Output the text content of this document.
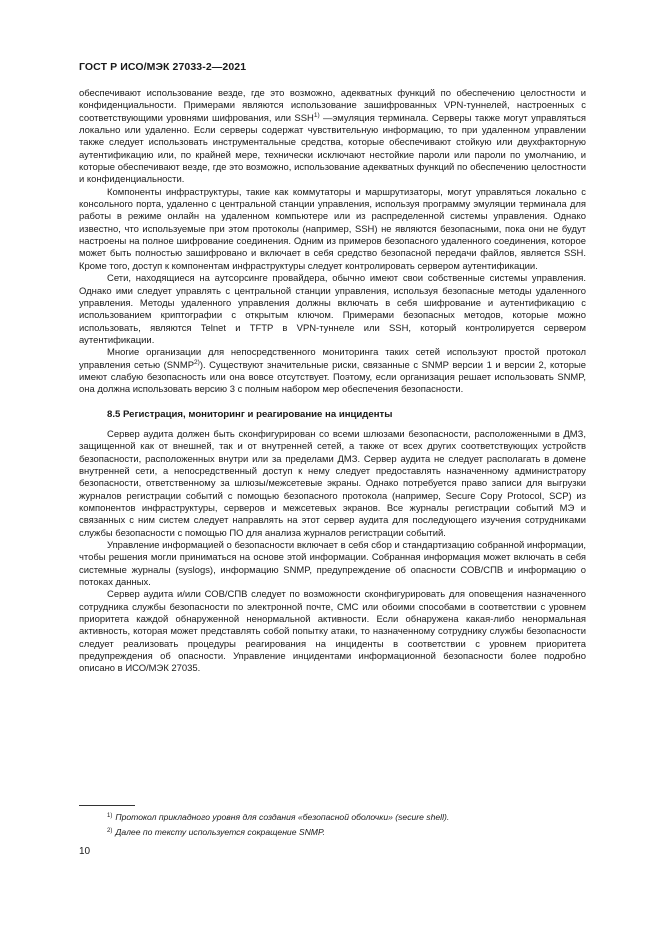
ГОСТ Р ИСО/МЭК 27033-2—2021

обеспечивают использование везде, где это возможно, адекватных функций по обеспечению целостности и конфиденциальности. Примерами являются использование зашифрованных VPN-туннелей, настроенных с соответствующими уровнями шифрования, или SSH$^{1)}$ —эмуляция терминала. Серверы также могут управляться локально или удаленно. Если серверы содержат чувствительную информацию, то при удаленном управлении также следует использовать инструментальные средства, которые обеспечивают стойкую или двухфакторную аутентификацию или, по крайней мере, технически исключают нестойкие пароли или пароли по умолчанию, и которые обеспечивают везде, где это возможно, использование адекватных функций по обеспечению целостности и конфиденциальности.

Компоненты инфраструктуры, такие как коммутаторы и маршрутизаторы, могут управляться локально с консольного порта, удаленно с центральной станции управления, используя программу эмуляции терминала для работы в режиме онлайн на удаленном компьютере или из распределенной системы управления. Однако известно, что используемые при этом протоколы (например, SSH) не являются безопасными, пока они не будут настроены на полное шифрование соединения. Одним из примеров безопасного удаленного соединения, которое может быть полностью зашифровано и включает в себя средство безопасной передачи файлов, является SSH. Кроме того, доступ к компонентам инфраструктуры следует контролировать сервером аутентификации.

Сети, находящиеся на аутсорсинге провайдера, обычно имеют свои собственные системы управления. Однако ими следует управлять с центральной станции управления, используя безопасные методы удаленного управления. Методы удаленного управления должны включать в себя шифрование и аутентификацию с использованием криптографии с открытым ключом. Примерами безопасных методов, которые можно использовать, являются Telnet и TFTP в VPN-туннеле или SSH, который контролируется сервером аутентификации.

Многие организации для непосредственного мониторинга таких сетей используют простой протокол управления сетью (SNMP$^{2)}$). Существуют значительные риски, связанные с SNMP версии 1 и версии 2, которые имеют слабую безопасность или она вовсе отсутствует. Поэтому, если организация решает использовать SNMP, она должна использовать версию 3 с полным набором мер обеспечения безопасности.

8.5 Регистрация, мониторинг и реагирование на инциденты

Сервер аудита должен быть сконфигурирован со всеми шлюзами безопасности, расположенными в ДМЗ, защищенной как от внешней, так и от внутренней сетей, а также от всех других соответствующих устройств безопасности, расположенных внутри или за пределами ДМЗ. Сервер аудита не следует располагать в домене внутренней сети, а непосредственный доступ к нему следует предоставлять назначенному администратору безопасности, ответственному за шлюзы/межсетевые экраны. Однако потребуется право записи для выгрузки журналов регистрации событий с помощью безопасного протокола (например, Secure Copy Protocol, SCP) из компонентов инфраструктуры, серверов и межсетевых экранов. Все журналы регистрации событий МЭ и связанных с ним систем следует направлять на этот сервер аудита для последующего изучения сотрудниками службы безопасности с помощью ПО для анализа журналов регистрации событий.

Управление информацией о безопасности включает в себя сбор и стандартизацию собранной информации, чтобы решения могли приниматься на основе этой информации. Собранная информация может включать в себя системные журналы (syslogs), информацию SNMP, предупреждение об опасности СОВ/СПВ и информацию о потоках данных.

Сервер аудита и/или СОВ/СПВ следует по возможности сконфигурировать для оповещения назначенного сотрудника службы безопасности по электронной почте, СМС или обоими способами в соответствии с уровнем приоритета каждой обнаруженной ненормальной активности. Если обнаружена какая-либо ненормальная активность, которая может представлять собой попытку атаки, то назначенному сотруднику службы безопасности следует реализовать процедуры реагирования на инциденты в соответствии с уровнем приоритета предупреждения об опасности. Управление инцидентами информационной безопасности более подробно описано в ИСО/МЭК 27035.

$^{1)}$ Протокол прикладного уровня для создания «безопасной оболочки» (secure shell).
$^{2)}$ Далее по тексту используется сокращение SNMP.
10
